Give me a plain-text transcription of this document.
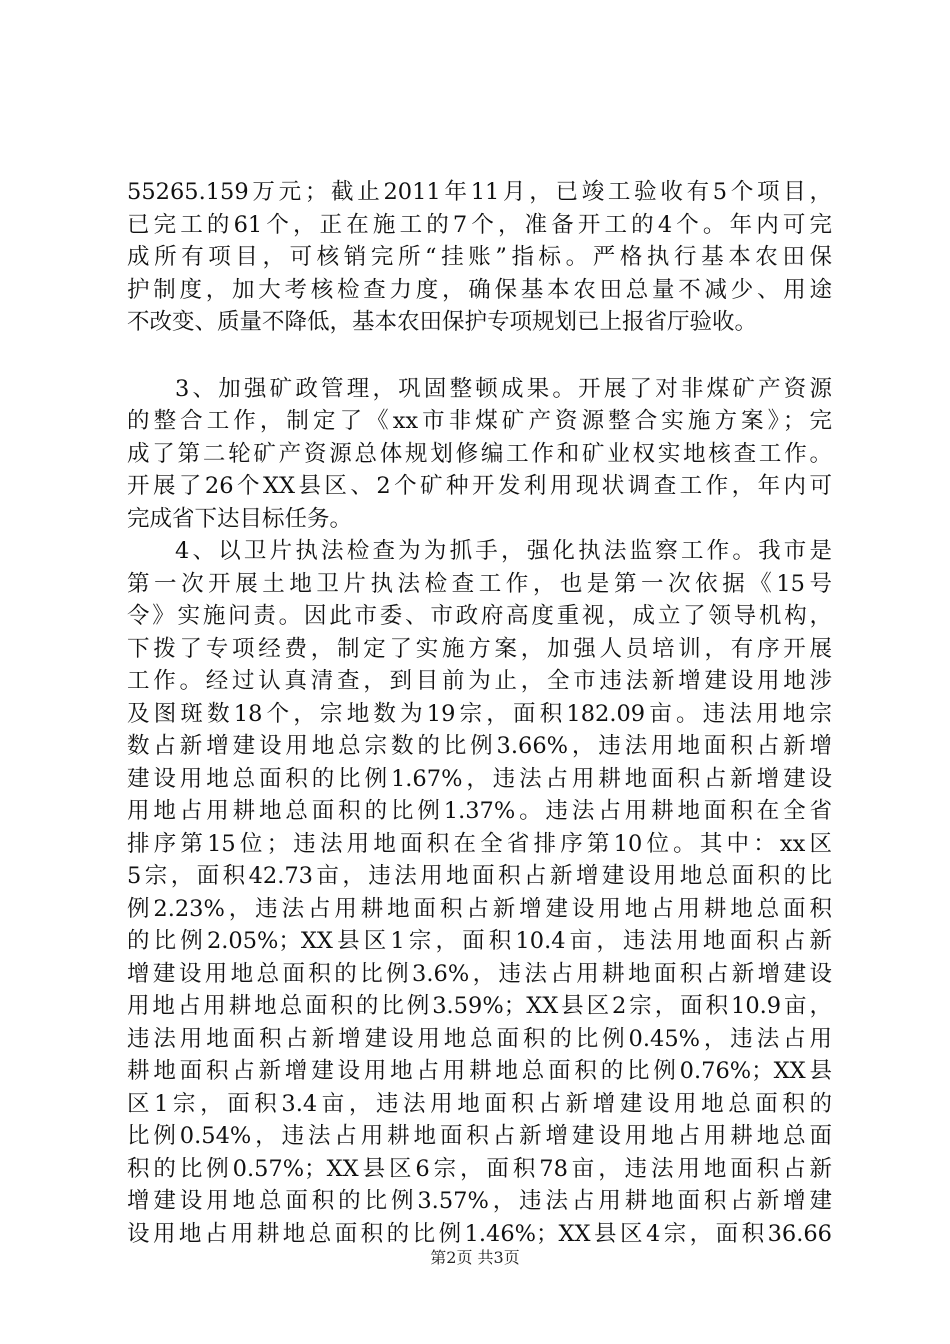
55265.159万元；截止2011年11月，已竣工验收有5个项目，
已完工的61个，正在施工的7个，准备开工的4个。年内可完
成所有项目，可核销完所“挂账”指标。严格执行基本农田保
护制度，加大考核检查力度，确保基本农田总量不减少、用途
不改变、质量不降低，基本农田保护专项规划已上报省厅验收。
3、加强矿政管理，巩固整顿成果。开展了对非煤矿产资源
的整合工作，制定了《xx市非煤矿产资源整合实施方案》；完
成了第二轮矿产资源总体规划修编工作和矿业权实地核查工作。
开展了26个XX县区、2个矿种开发利用现状调查工作，年内可
完成省下达目标任务。
4、以卫片执法检查为为抓手，强化执法监察工作。我市是
第一次开展土地卫片执法检查工作，也是第一次依据《15号
令》实施问责。因此市委、市政府高度重视，成立了领导机构，
下拨了专项经费，制定了实施方案，加强人员培训，有序开展
工作。经过认真清查，到目前为止，全市违法新增建设用地涉
及图斑数18个，宗地数为19宗，面积182.09亩。违法用地宗
数占新增建设用地总宗数的比例3.66%，违法用地面积占新增
建设用地总面积的比例1.67%，违法占用耕地面积占新增建设
用地占用耕地总面积的比例1.37%。违法占用耕地面积在全省
排序第15位；违法用地面积在全省排序第10位。其中：xx区
5宗，面积42.73亩，违法用地面积占新增建设用地总面积的比
例2.23%，违法占用耕地面积占新增建设用地占用耕地总面积
的比例2.05%；XX县区1宗，面积10.4亩，违法用地面积占新
增建设用地总面积的比例3.6%，违法占用耕地面积占新增建设
用地占用耕地总面积的比例3.59%；XX县区2宗，面积10.9亩，
违法用地面积占新增建设用地总面积的比例0.45%，违法占用
耕地面积占新增建设用地占用耕地总面积的比例0.76%；XX县
区1宗，面积3.4亩，违法用地面积占新增建设用地总面积的
比例0.54%，违法占用耕地面积占新增建设用地占用耕地总面
积的比例0.57%；XX县区6宗，面积78亩，违法用地面积占新
增建设用地总面积的比例3.57%，违法占用耕地面积占新增建
设用地占用耕地总面积的比例1.46%；XX县区4宗，面积36.66
第2页 共3页
